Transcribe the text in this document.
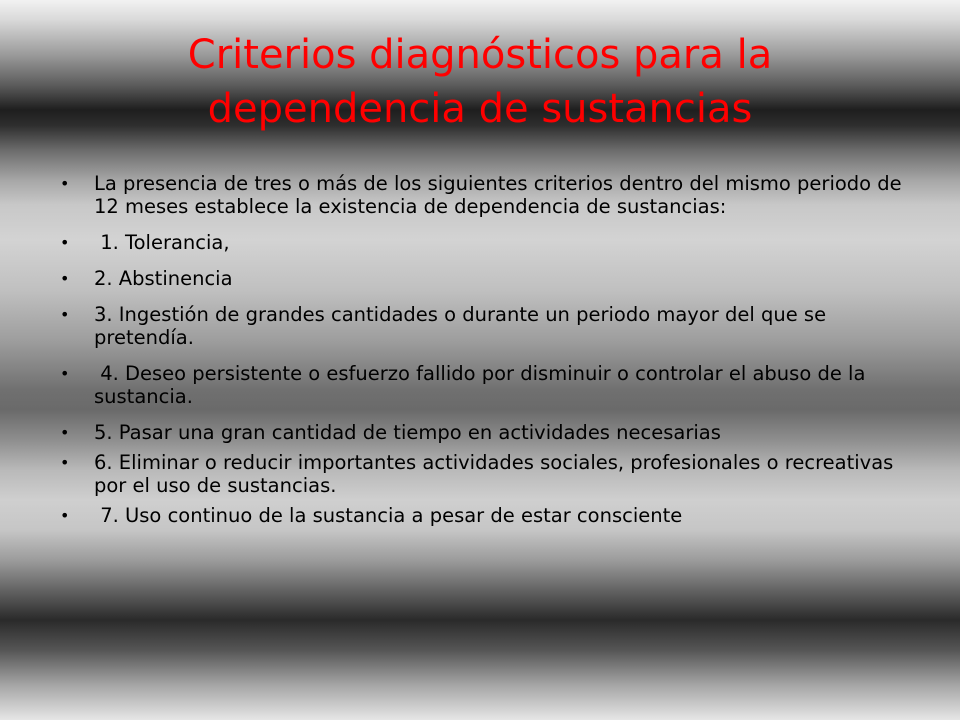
Criterios diagnósticos para la dependencia de sustancias
• La presencia de tres o más de los siguientes criterios dentro del mismo periodo de 12 meses establece la existencia de dependencia de sustancias:
• 1. Tolerancia,
• 2. Abstinencia
• 3. Ingestión de grandes cantidades o durante un periodo mayor del que se pretendía.
• 4. Deseo persistente o esfuerzo fallido por disminuir o controlar el abuso de la sustancia.
• 5. Pasar una gran cantidad de tiempo en actividades necesarias
• 6. Eliminar o reducir importantes actividades sociales, profesionales o recreativas por el uso de sustancias.
• 7. Uso continuo de la sustancia a pesar de estar consciente
